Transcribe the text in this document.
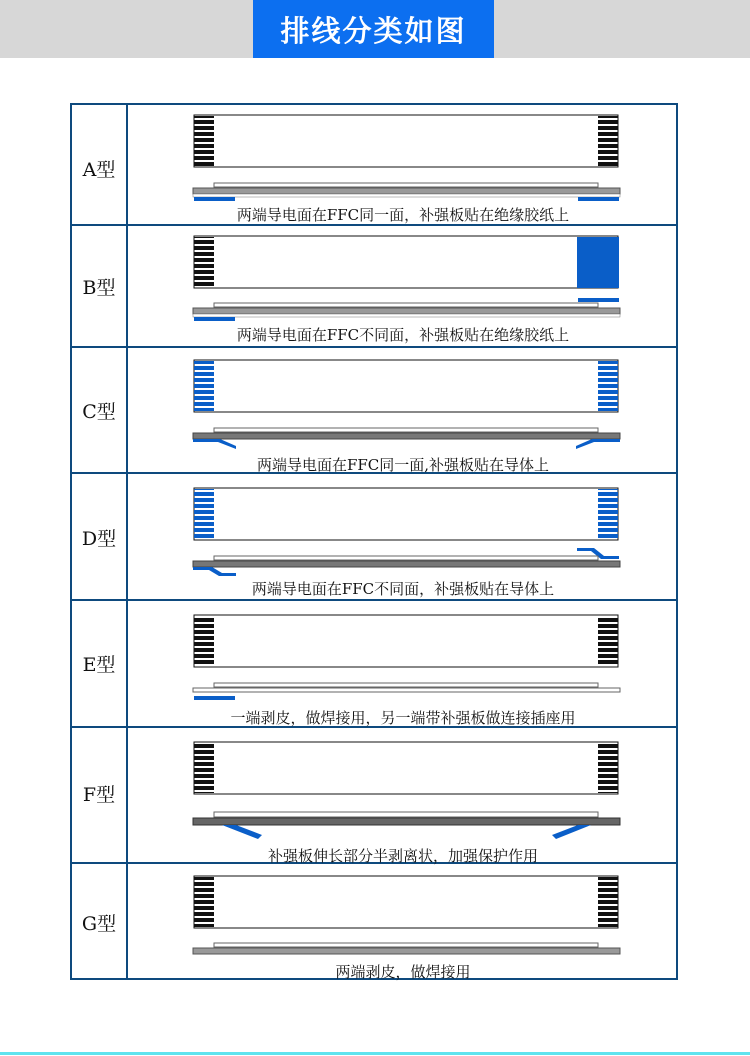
排线分类如图
A型
B型
C型
D型
E型
F型
G型
两端导电面在FFC同一面，补强板贴在绝缘胶纸上
两端导电面在FFC不同面，补强板贴在绝缘胶纸上
两端导电面在FFC同一面,补强板贴在导体上
两端导电面在FFC不同面，补强板贴在导体上
一端剥皮，做焊接用，另一端带补强板做连接插座用
补强板伸长部分半剥离状，加强保护作用
两端剥皮，做焊接用
